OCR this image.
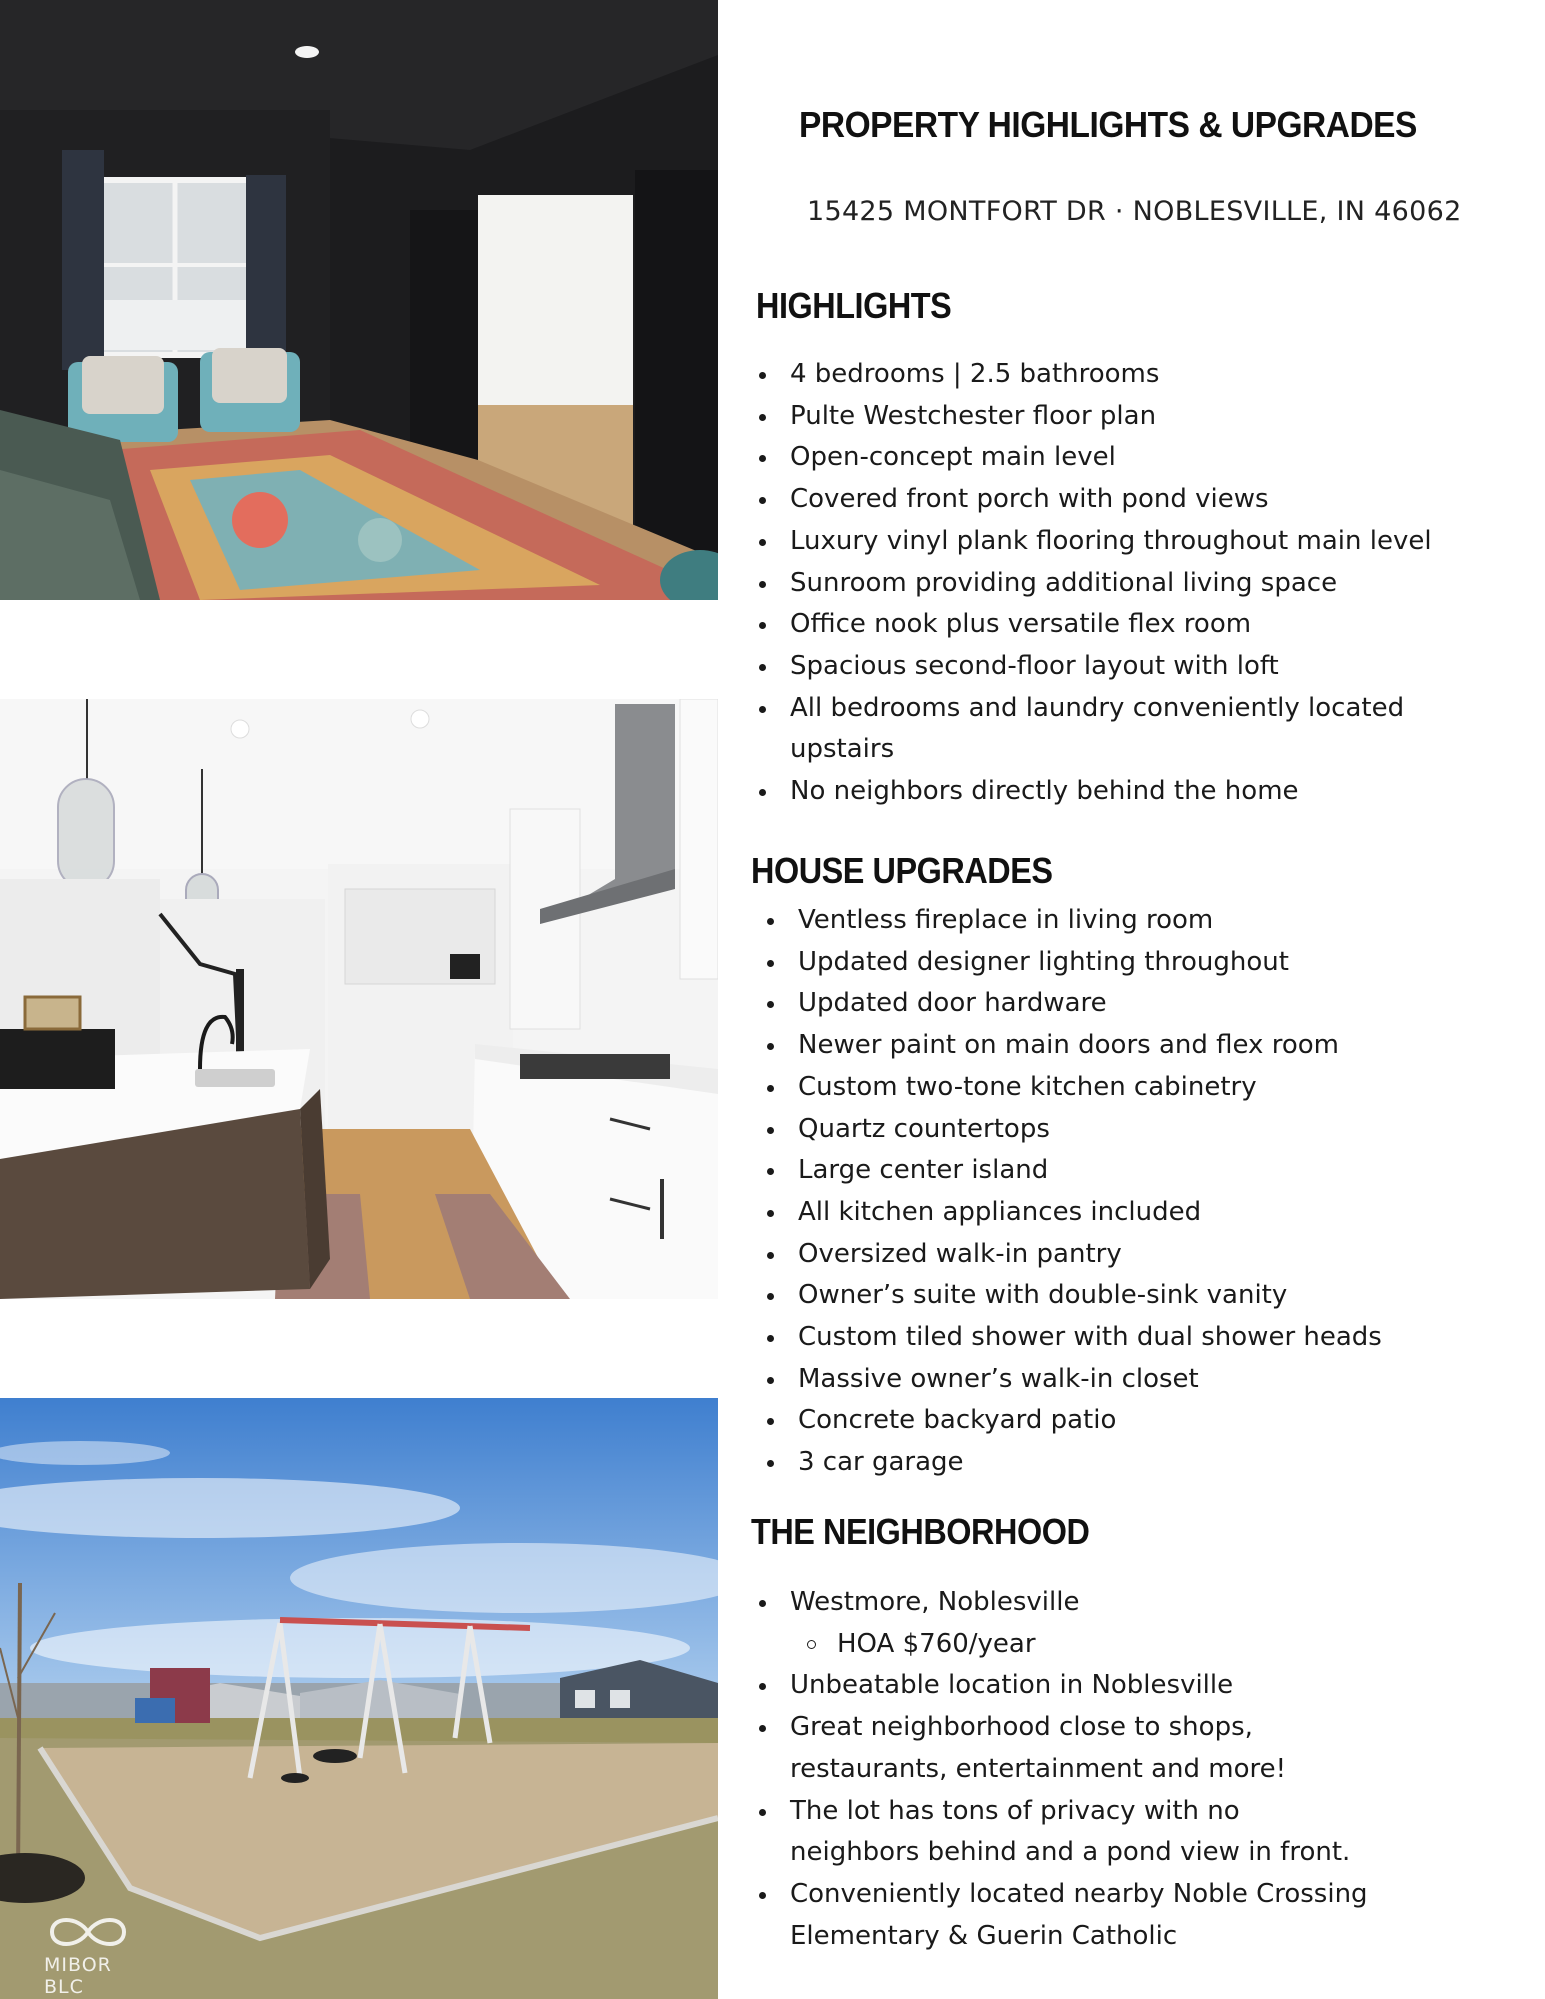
MIBOR BLC
PROPERTY HIGHLIGHTS & UPGRADES
15425 MONTFORT DR · NOBLESVILLE, IN 46062
HIGHLIGHTS
4 bedrooms | 2.5 bathrooms
Pulte Westchester floor plan
Open-concept main level
Covered front porch with pond views
Luxury vinyl plank flooring throughout main level
Sunroom providing additional living space
Office nook plus versatile flex room
Spacious second-floor layout with loft
All bedrooms and laundry conveniently located upstairs
No neighbors directly behind the home
HOUSE UPGRADES
Ventless fireplace in living room
Updated designer lighting throughout
Updated door hardware
Newer paint on main doors and flex room
Custom two-tone kitchen cabinetry
Quartz countertops
Large center island
All kitchen appliances included
Oversized walk-in pantry
Owner’s suite with double-sink vanity
Custom tiled shower with dual shower heads
Massive owner’s walk-in closet
Concrete backyard patio
3 car garage
THE NEIGHBORHOOD
Westmore, Noblesville
HOA $760/year
Unbeatable location in Noblesville
Great neighborhood close to shops, restaurants, entertainment and more!
The lot has tons of privacy with no neighbors behind and a pond view in front.
Conveniently located nearby Noble Crossing Elementary & Guerin Catholic
